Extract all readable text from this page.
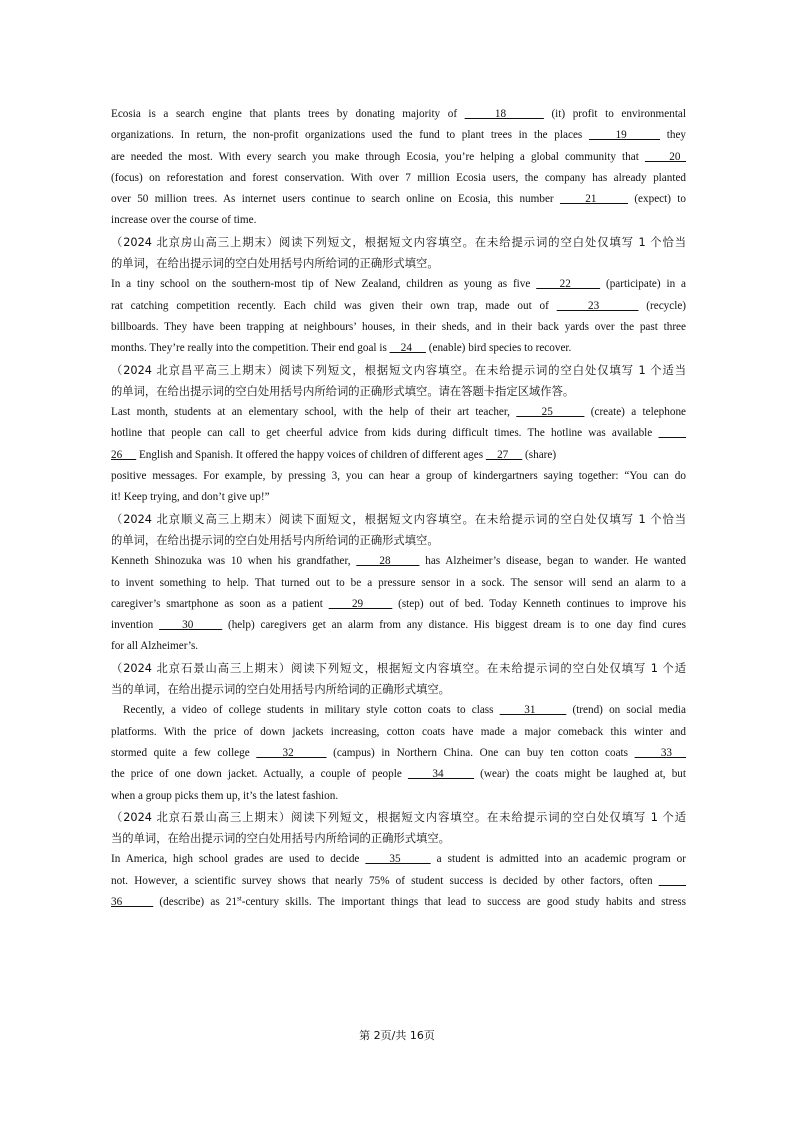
Ecosia is a search engine that plants trees by donating majority of     18      (it) profit to environmental
organizations. In return, the non-profit organizations used the fund to plant trees in the places     19      they
are needed the most. With every search you make through Ecosia, you’re helping a global community that     20
(focus) on reforestation and forest conservation. With over 7 million Ecosia users, the company has already planted
over 50 million trees. As internet users continue to search online on Ecosia, this number     21      (expect) to
increase over the course of time.
（2024 北京房山高三上期末）阅读下列短文，根据短文内容填空。在未给提示词的空白处仅填写 1 个恰当
的单词，在给出提示词的空白处用括号内所给词的正确形式填空。
In a tiny school on the southern-most tip of New Zealand, children as young as five     22      (participate) in a
rat catching competition recently. Each child was given their own trap, made out of     23      (recycle)
billboards. They have been trapping at neighbours’ houses, in their sheds, and in their back yards over the past three
months. They’re really into the competition. Their end goal is     24      (enable) bird species to recover.
（2024 北京昌平高三上期末）阅读下列短文，根据短文内容填空。在未给提示词的空白处仅填写 1 个适当
的单词，在给出提示词的空白处用括号内所给词的正确形式填空。请在答题卡指定区域作答。
Last month, students at an elementary school, with the help of their art teacher,     25      (create) a telephone
hotline that people can call to get cheerful advice from kids during difficult times. The hotline was available
26      English and Spanish. It offered the happy voices of children of different ages     27      (share)
positive messages. For example, by pressing 3, you can hear a group of kindergartners saying together: “You can do
it! Keep trying, and don’t give up!”
（2024 北京顺义高三上期末）阅读下面短文，根据短文内容填空。在未给提示词的空白处仅填写 1 个恰当
的单词，在给出提示词的空白处用括号内所给词的正确形式填空。
Kenneth Shinozuka was 10 when his grandfather,     28      has Alzheimer’s disease, began to wander. He wanted
to invent something to help. That turned out to be a pressure sensor in a sock. The sensor will send an alarm to a
caregiver’s smartphone as soon as a patient     29      (step) out of bed. Today Kenneth continues to improve his
invention     30      (help) caregivers get an alarm from any distance. His biggest dream is to one day find cures
for all Alzheimer’s.
（2024 北京石景山高三上期末）阅读下列短文，根据短文内容填空。在未给提示词的空白处仅填写 1 个适
当的单词，在给出提示词的空白处用括号内所给词的正确形式填空。
Recently, a video of college students in military style cotton coats to class     31      (trend) on social media
platforms. With the price of down jackets increasing, cotton coats have made a major comeback this winter and
stormed quite a few college     32      (campus) in Northern China. One can buy ten cotton coats     33
the price of one down jacket. Actually, a couple of people     34      (wear) the coats might be laughed at, but
when a group picks them up, it’s the latest fashion.
（2024 北京石景山高三上期末）阅读下列短文，根据短文内容填空。在未给提示词的空白处仅填写 1 个适
当的单词，在给出提示词的空白处用括号内所给词的正确形式填空。
In America, high school grades are used to decide     35      a student is admitted into an academic program or
not. However, a scientific survey shows that nearly 75% of student success is decided by other factors, often
36      (describe) as 21st-century skills. The important things that lead to success are good study habits and stress
第 2页/共 16页
